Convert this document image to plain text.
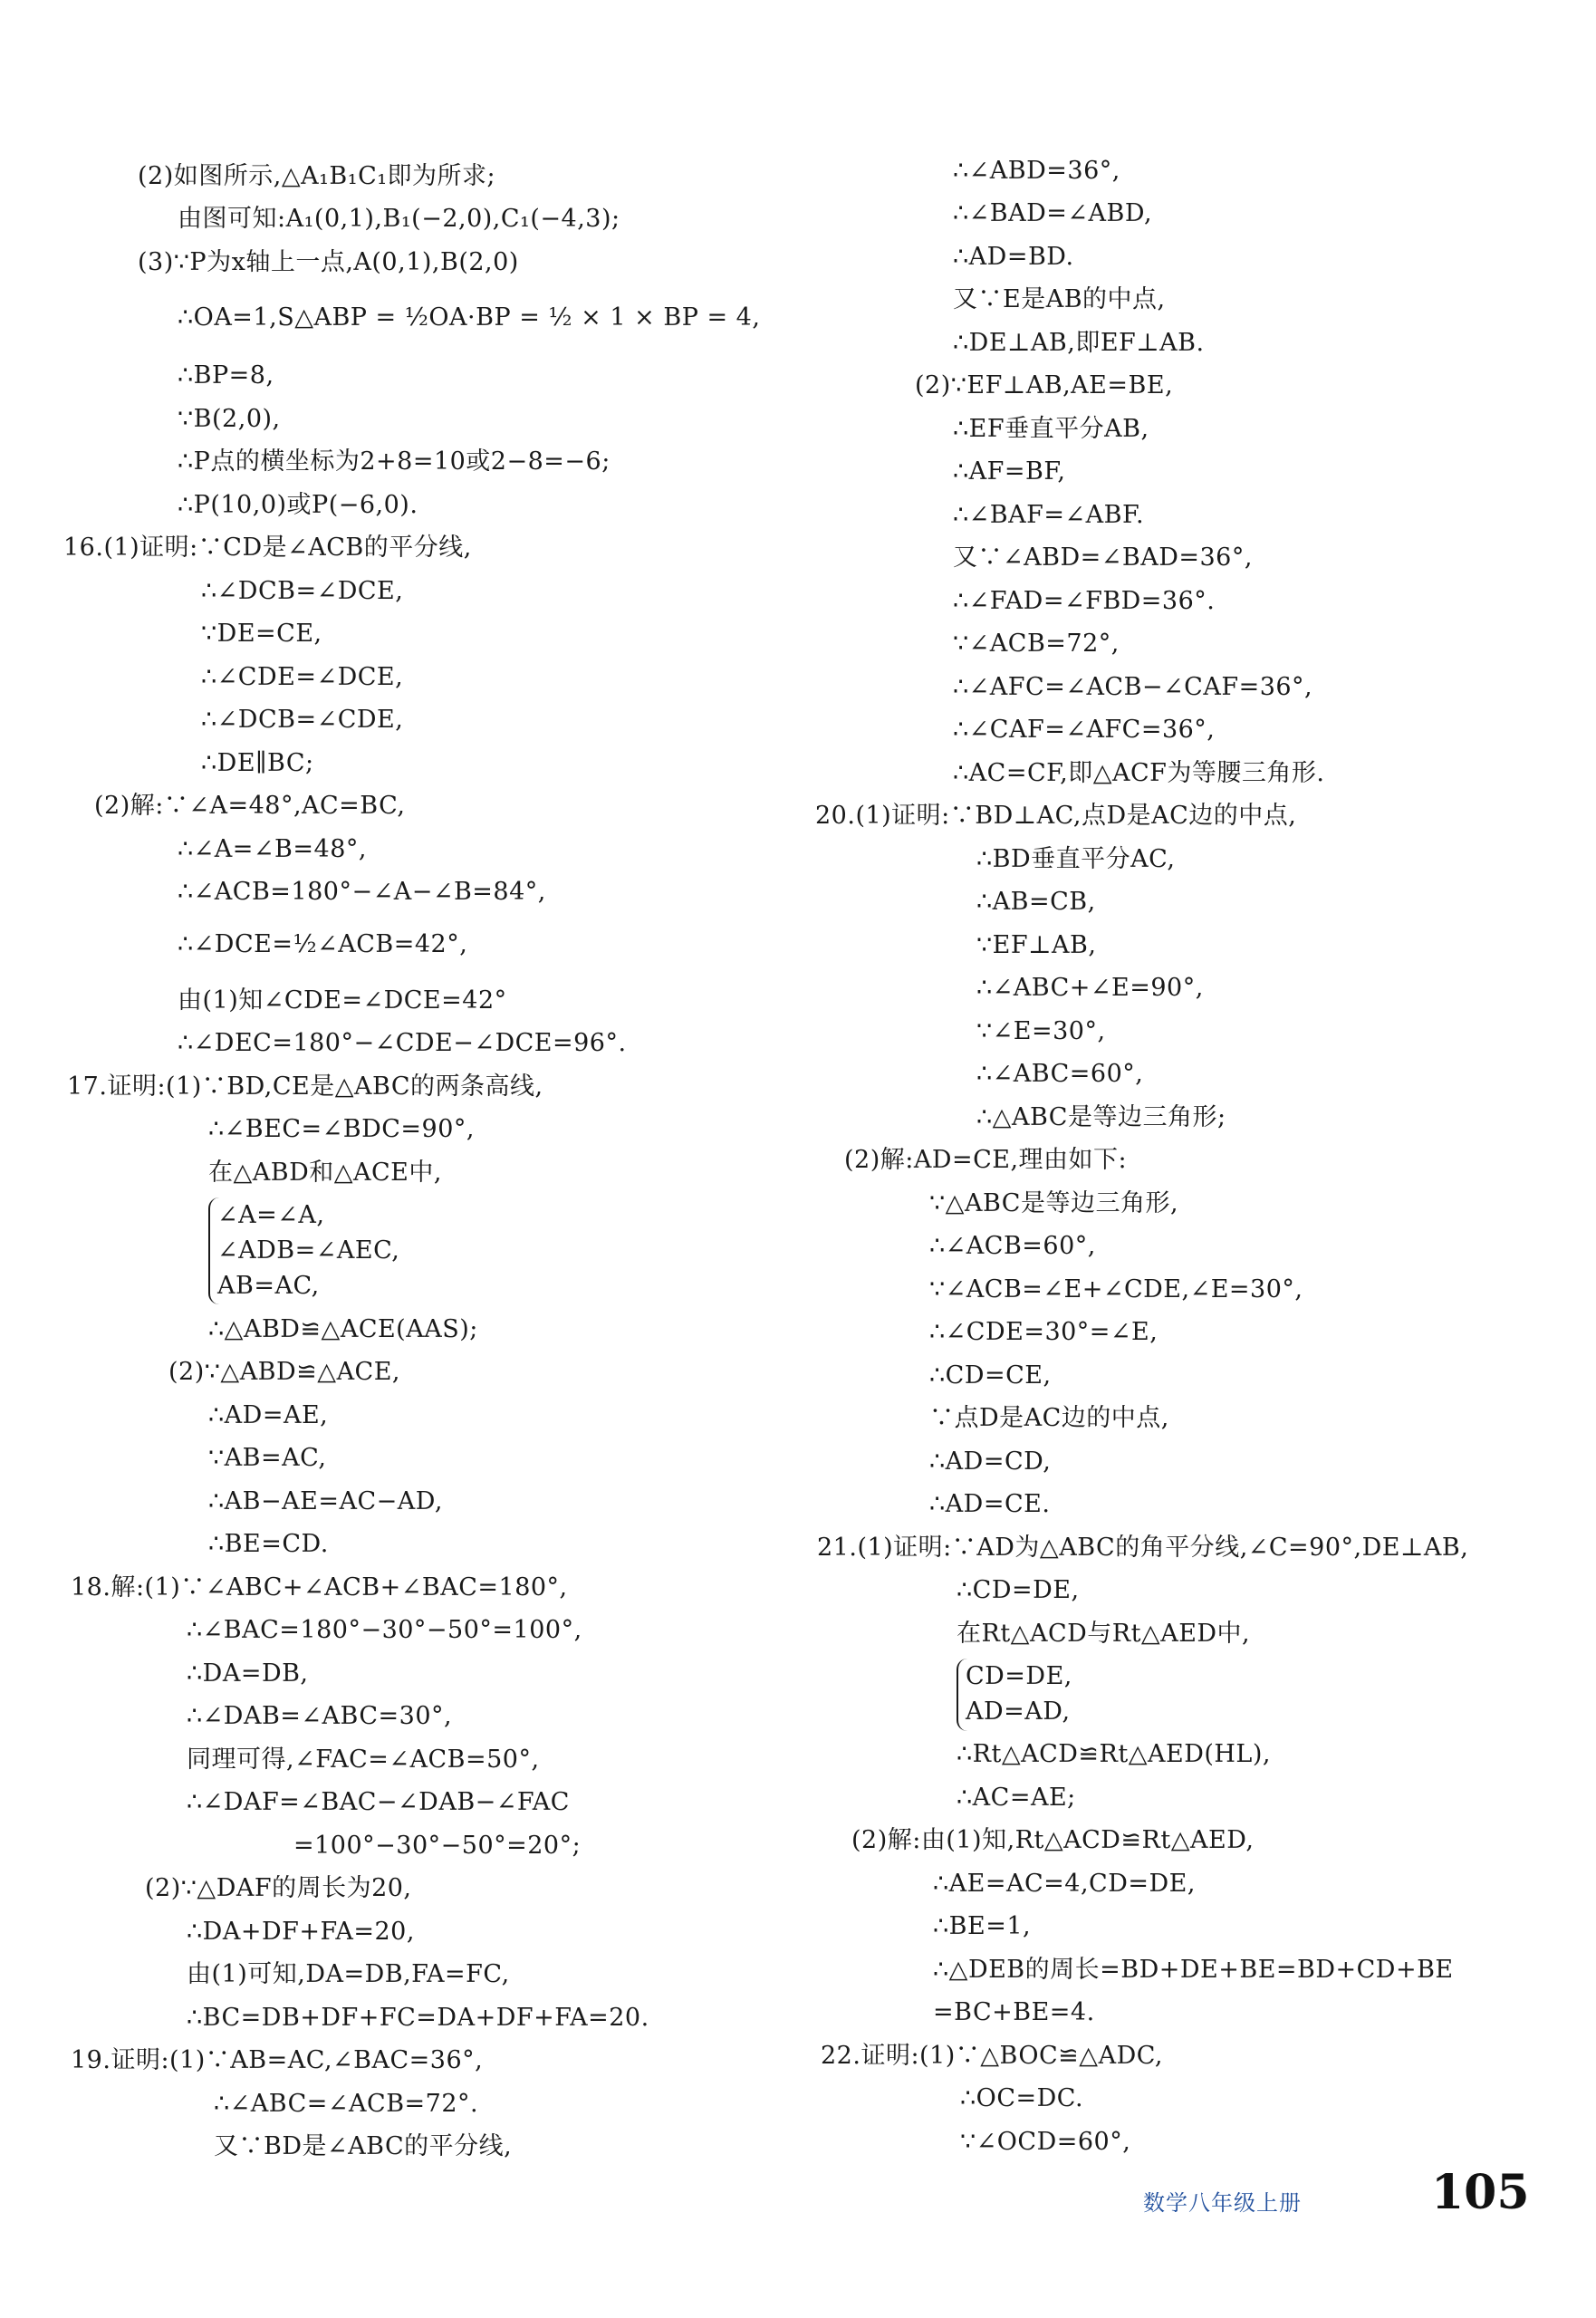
(2)如图所示,△A₁B₁C₁即为所求;
由图可知:A₁(0,1),B₁(−2,0),C₁(−4,3);
(3)∵P为x轴上一点,A(0,1),B(2,0)
∴OA=1,S△ABP = ½OA·BP = ½ × 1 × BP = 4,
∴BP=8,
∵B(2,0),
∴P点的横坐标为2+8=10或2−8=−6;
∴P(10,0)或P(−6,0).
16.(1)证明:∵CD是∠ACB的平分线,
∴∠DCB=∠DCE,
∵DE=CE,
∴∠CDE=∠DCE,
∴∠DCB=∠CDE,
∴DE∥BC;
(2)解:∵∠A=48°,AC=BC,
∴∠A=∠B=48°,
∴∠ACB=180°−∠A−∠B=84°,
∴∠DCE=½∠ACB=42°,
由(1)知∠CDE=∠DCE=42°
∴∠DEC=180°−∠CDE−∠DCE=96°.
17.证明:(1)∵BD,CE是△ABC的两条高线,
∴∠BEC=∠BDC=90°,
在△ABD和△ACE中,
∠A=∠A,
∠ADB=∠AEC,
AB=AC,
∴△ABD≌△ACE(AAS);
(2)∵△ABD≌△ACE,
∴AD=AE,
∵AB=AC,
∴AB−AE=AC−AD,
∴BE=CD.
18.解:(1)∵∠ABC+∠ACB+∠BAC=180°,
∴∠BAC=180°−30°−50°=100°,
∴DA=DB,
∴∠DAB=∠ABC=30°,
同理可得,∠FAC=∠ACB=50°,
∴∠DAF=∠BAC−∠DAB−∠FAC
=100°−30°−50°=20°;
(2)∵△DAF的周长为20,
∴DA+DF+FA=20,
由(1)可知,DA=DB,FA=FC,
∴BC=DB+DF+FC=DA+DF+FA=20.
19.证明:(1)∵AB=AC,∠BAC=36°,
∴∠ABC=∠ACB=72°.
又∵BD是∠ABC的平分线,
∴∠ABD=36°,
∴∠BAD=∠ABD,
∴AD=BD.
又∵E是AB的中点,
∴DE⊥AB,即EF⊥AB.
(2)∵EF⊥AB,AE=BE,
∴EF垂直平分AB,
∴AF=BF,
∴∠BAF=∠ABF.
又∵∠ABD=∠BAD=36°,
∴∠FAD=∠FBD=36°.
∵∠ACB=72°,
∴∠AFC=∠ACB−∠CAF=36°,
∴∠CAF=∠AFC=36°,
∴AC=CF,即△ACF为等腰三角形.
20.(1)证明:∵BD⊥AC,点D是AC边的中点,
∴BD垂直平分AC,
∴AB=CB,
∵EF⊥AB,
∴∠ABC+∠E=90°,
∵∠E=30°,
∴∠ABC=60°,
∴△ABC是等边三角形;
(2)解:AD=CE,理由如下:
∵△ABC是等边三角形,
∴∠ACB=60°,
∵∠ACB=∠E+∠CDE,∠E=30°,
∴∠CDE=30°=∠E,
∴CD=CE,
∵点D是AC边的中点,
∴AD=CD,
∴AD=CE.
21.(1)证明:∵AD为△ABC的角平分线,∠C=90°,DE⊥AB,
∴CD=DE,
在Rt△ACD与Rt△AED中,
CD=DE,
AD=AD,
∴Rt△ACD≌Rt△AED(HL),
∴AC=AE;
(2)解:由(1)知,Rt△ACD≌Rt△AED,
∴AE=AC=4,CD=DE,
∴BE=1,
∴△DEB的周长=BD+DE+BE=BD+CD+BE
=BC+BE=4.
22.证明:(1)∵△BOC≌△ADC,
∴OC=DC.
∵∠OCD=60°,
数学八年级上册	105
